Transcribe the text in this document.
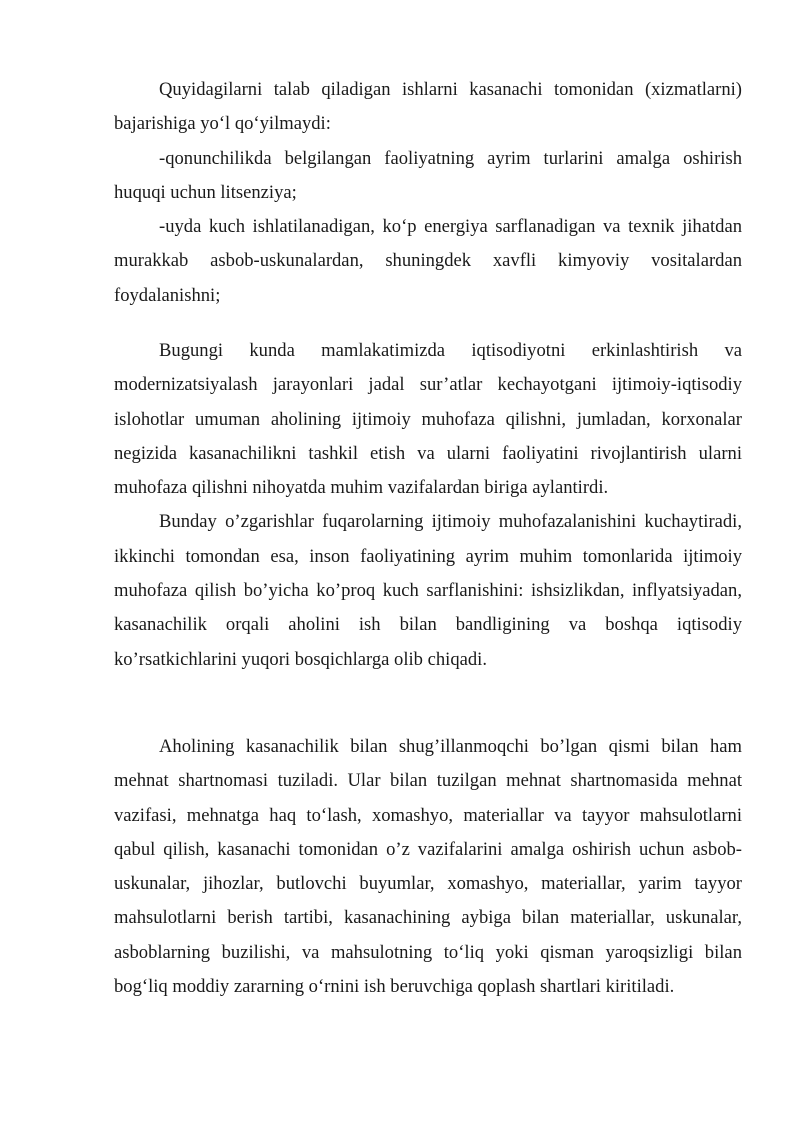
Quyidagilarni talab qiladigan ishlarni kasanachi tomonidan (xizmatlarni) bajarishiga yo‘l qo‘yilmaydi:

-qonunchilikda belgilangan faoliyatning ayrim turlarini amalga oshirish huquqi uchun litsenziya;

-uyda kuch ishlatilanadigan, ko‘p energiya sarflanadigan va texnik jihatdan murakkab asbob-uskunalardan, shuningdek xavfli kimyoviy vositalardan foydalanishni;

Bugungi kunda mamlakatimizda iqtisodiyotni erkinlashtirish va modernizatsiyalash jarayonlari jadal sur’atlar kechayotgani ijtimoiy-iqtisodiy islohotlar umuman aholining ijtimoiy muhofaza qilishni, jumladan, korxonalar negizida kasanachilikni tashkil etish va ularni faoliyatini rivojlantirish ularni muhofaza qilishni nihoyatda muhim vazifalardan biriga aylantirdi.

Bunday o’zgarishlar fuqarolarning ijtimoiy muhofazalanishini kuchaytiradi, ikkinchi tomondan esa, inson faoliyatining ayrim muhim tomonlarida ijtimoiy muhofaza qilish bo’yicha ko’proq kuch sarflanishini: ishsizlikdan, inflyatsiyadan, kasanachilik orqali aholini ish bilan bandligining va boshqa iqtisodiy ko’rsatkichlarini yuqori bosqichlarga olib chiqadi.

Aholining kasanachilik bilan shug’illanmoqchi bo’lgan qismi bilan ham mehnat shartnomasi tuziladi. Ular bilan tuzilgan mehnat shartnomasida mehnat vazifasi, mehnatga haq to‘lash, xomashyo, materiallar va tayyor mahsulotlarni qabul qilish, kasanachi tomonidan o’z vazifalarini amalga oshirish uchun asbob-uskunalar, jihozlar, butlovchi buyumlar, xomashyo, materiallar, yarim tayyor mahsulotlarni berish tartibi, kasanachining aybiga bilan materiallar, uskunalar, asboblarning buzilishi, va mahsulotning to‘liq yoki qisman yaroqsizligi bilan bog‘liq moddiy zararning o‘rnini ish beruvchiga qoplash shartlari kiritiladi.
